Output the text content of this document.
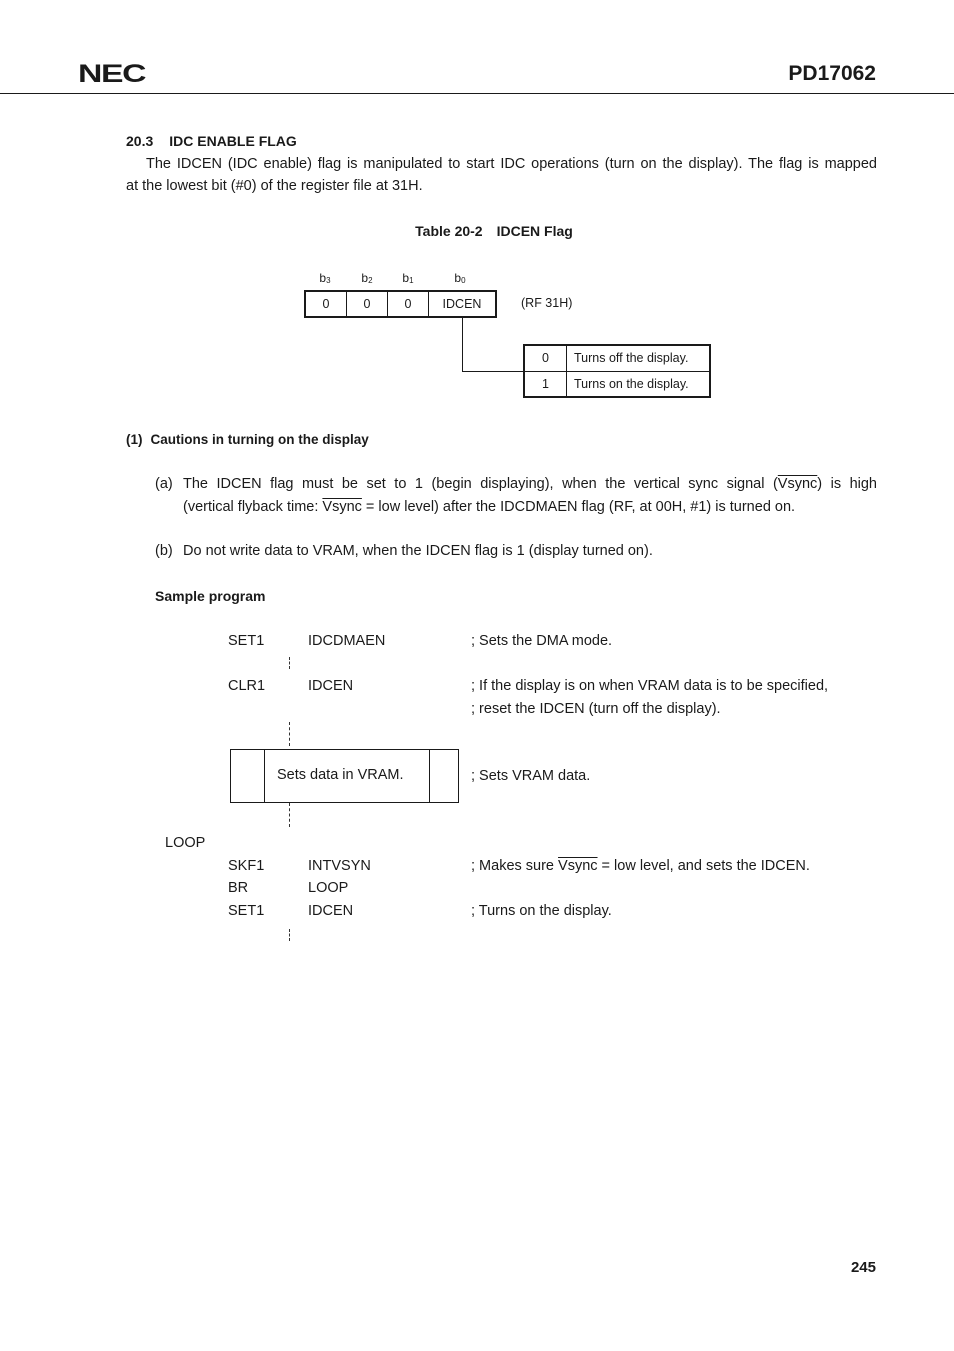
NEC	PD17062
20.3 IDC ENABLE FLAG
The IDCEN (IDC enable) flag is manipulated to start IDC operations (turn on the display). The flag is mapped
at the lowest bit (#0) of the register file at 31H.
Table 20-2 IDCEN Flag
$b_3$	$b_2$	$b_1$	$b_0$
0	0	0	IDCEN	(RF 31H)
0	Turns off the display.
1	Turns on the display.
(1) Cautions in turning on the display
(a) The IDCEN flag must be set to 1 (begin displaying), when the vertical sync signal (Vsync) is high
(vertical flyback time: Vsync = low level) after the IDCDMAEN flag (RF, at 00H, #1) is turned on.
(b) Do not write data to VRAM, when the IDCEN flag is 1 (display turned on).
Sample program
SET1	IDCDMAEN	; Sets the DMA mode.
CLR1	IDCEN	; If the display is on when VRAM data is to be specified,
; reset the IDCEN (turn off the display).
Sets data in VRAM.	; Sets VRAM data.
LOOP
SKF1	INTVSYN	; Makes sure Vsync = low level, and sets the IDCEN.
BR	LOOP
SET1	IDCEN	; Turns on the display.
245
